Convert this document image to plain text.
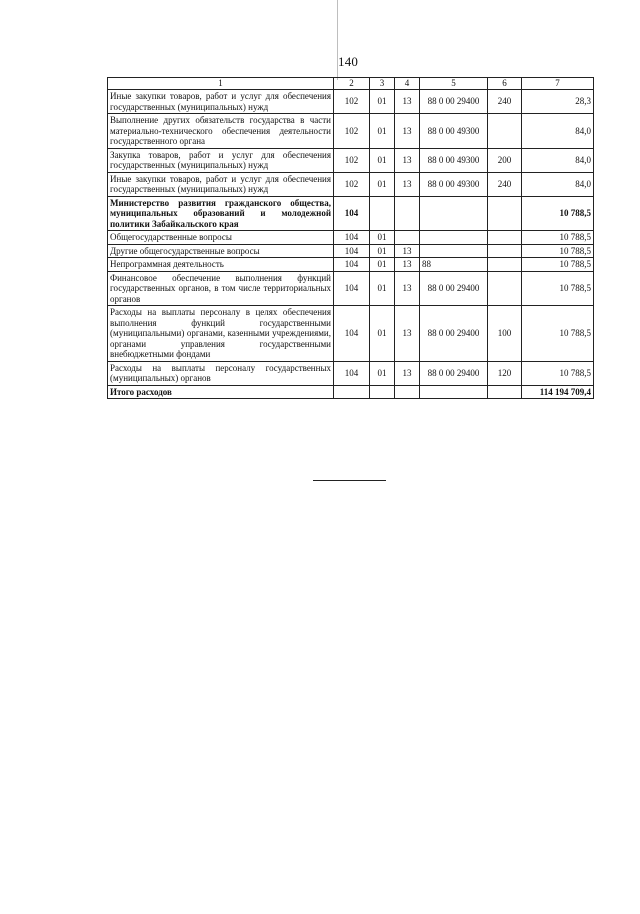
140
1	2	3	4	5	6	7
Иные закупки товаров, работ и услуг для обеспечения государственных (муниципальных) нужд	102	01	13	88 0 00 29400	240	28,3
Выполнение других обязательств государства в части материально-технического обеспечения деятельности государственного органа	102	01	13	88 0 00 49300		84,0
Закупка товаров, работ и услуг для обеспечения государственных (муниципальных) нужд	102	01	13	88 0 00 49300	200	84,0
Иные закупки товаров, работ и услуг для обеспечения государственных (муниципальных) нужд	102	01	13	88 0 00 49300	240	84,0
Министерство развития гражданского общества, муниципальных образований и молодежной политики Забайкальского края	104					10 788,5
Общегосударственные вопросы	104	01				10 788,5
Другие общегосударственные вопросы	104	01	13			10 788,5
Непрограммная деятельность	104	01	13	88		10 788,5
Финансовое обеспечение выполнения функций государственных органов, в том числе территориальных органов	104	01	13	88 0 00 29400		10 788,5
Расходы на выплаты персоналу в целях обеспечения выполнения функций государственными (муниципальными) органами, казенными учреждениями, органами управления государственными внебюджетными фондами	104	01	13	88 0 00 29400	100	10 788,5
Расходы на выплаты персоналу государственных (муниципальных) органов	104	01	13	88 0 00 29400	120	10 788,5
Итого расходов						114 194 709,4
